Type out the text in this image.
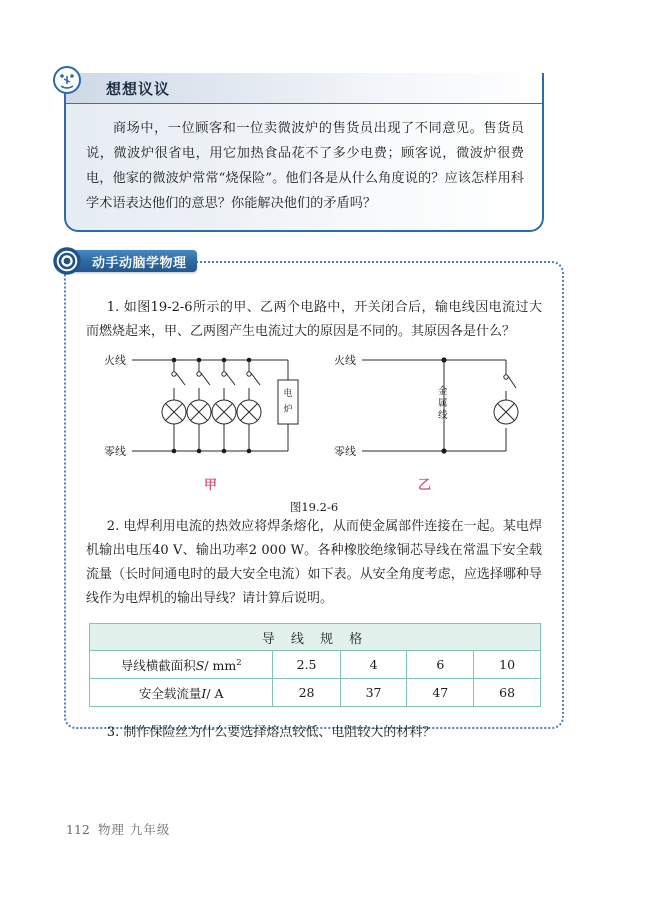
想想议议
商场中，一位顾客和一位卖微波炉的售货员出现了不同意见。售货员说，微波炉很省电，用它加热食品花不了多少电费；顾客说，微波炉很费电，他家的微波炉常常“烧保险”。他们各是从什么角度说的？应该怎样用科学术语表达他们的意思？你能解决他们的矛盾吗？
动手动脑学物理

1. 如图19-2-6所示的甲、乙两个电路中，开关闭合后，输电线因电流过大而燃烧起来，甲、乙两图产生电流过大的原因是不同的。其原因各是什么？

火线
零线
电
炉
火线
零线
金
属
线
甲	乙
图19.2-6

2. 电焊利用电流的热效应将焊条熔化，从而使金属部件连接在一起。某电焊机输出电压40 V、输出功率2 000 W。各种橡胶绝缘铜芯导线在常温下安全载流量（长时间通电时的最大安全电流）如下表。从安全角度考虑，应选择哪种导线作为电焊机的输出导线？请计算后说明。

导 线 规 格				
导线横截面积S/ $mm^2$	2.5	4	6	10
安全载流量I/ A	28	37	47	68

3. 制作保险丝为什么要选择熔点较低、电阻较大的材料？

112 物理 九年级
